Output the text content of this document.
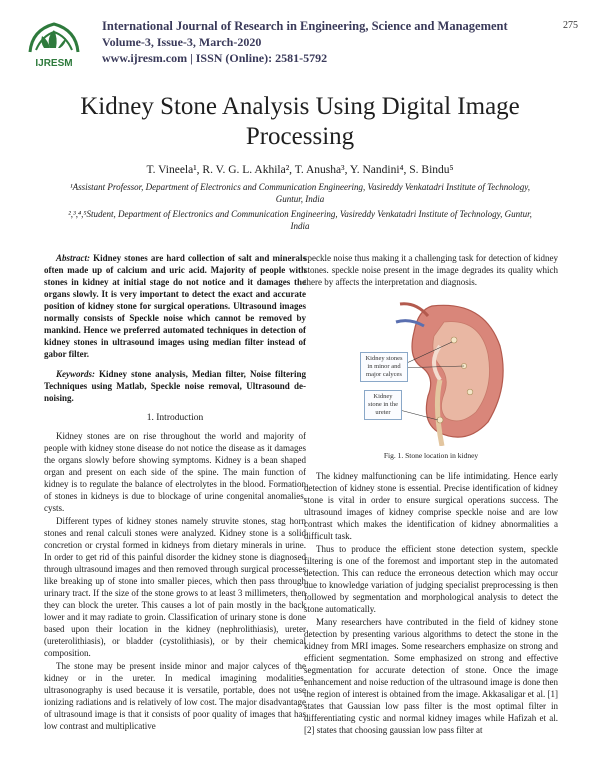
IJRESM
International Journal of Research in Engineering, Science and Management
Volume-3, Issue-3, March-2020
www.ijresm.com | ISSN (Online): 2581-5792
275
Kidney Stone Analysis Using Digital Image Processing
T. Vineela¹, R. V. G. L. Akhila², T. Anusha³, Y. Nandini⁴, S. Bindu⁵
¹Assistant Professor, Department of Electronics and Communication Engineering, Vasireddy Venkatadri Institute of Technology, Guntur, India
²,³,⁴,⁵Student, Department of Electronics and Communication Engineering, Vasireddy Venkatadri Institute of Technology, Guntur, India

Abstract: Kidney stones are hard collection of salt and minerals often made up of calcium and uric acid. Majority of people with stones in kidney at initial stage do not notice and it damages the organs slowly. It is very important to detect the exact and accurate position of kidney stone for surgical operations. Ultrasound images normally consists of Speckle noise which cannot be removed by mankind. Hence we preferred automated techniques in detection of kidney stones in ultrasound images using median filter instead of gabor filter.

Keywords: Kidney stone analysis, Median filter, Noise filtering Techniques using Matlab, Speckle noise removal, Ultrasound de-noising.

1. Introduction

Kidney stones are on rise throughout the world and majority of people with kidney stone disease do not notice the disease as it damages the organs slowly before showing symptoms. Kidney is a bean shaped organ and present on each side of the spine. The main function of kidney is to regulate the balance of electrolytes in the blood. Formation of stones in kidneys is due to blockage of urine congenital anomalies, cysts.

Different types of kidney stones namely struvite stones, stag horn stones and renal calculi stones were analyzed. Kidney stone is a solid concretion or crystal formed in kidneys from dietary minerals in urine. In order to get rid of this painful disorder the kidney stone is diagnosed through ultrasound images and then removed through surgical processes like breaking up of stone into smaller pieces, which then pass through urinary tract. If the size of the stone grows to at least 3 millimeters, then they can block the ureter. This causes a lot of pain mostly in the back lower and it may radiate to groin. Classification of urinary stone is done based upon their location in the kidney (nephrolithiasis), ureter (ureterolithiasis), or bladder (cystolithiasis), or by their chemical composition.

The stone may be present inside minor and major calyces of the kidney or in the ureter. In medical imagining modalities, ultrasonography is used because it is versatile, portable, does not use ionizing radiations and is relatively of low cost. The major disadvantage of ultrasound image is that it consists of poor quality of images that has low contrast and multiplicative

speckle noise thus making it a challenging task for detection of kidney stones. speckle noise present in the image degrades its quality which there by affects the interpretation and diagnosis.

Kidney stones in minor and major calyces
Kidney stone in the ureter
Fig. 1. Stone location in kidney

The kidney malfunctioning can be life intimidating. Hence early detection of kidney stone is essential. Precise identification of kidney stone is vital in order to ensure surgical operations success. The ultrasound images of kidney comprise speckle noise and are low contrast which makes the identification of kidney abnormalities a difficult task.

Thus to produce the efficient stone detection system, speckle filtering is one of the foremost and important step in the automated detection. This can reduce the erroneous detection which may occur due to knowledge variation of judging specialist preprocessing is then followed by segmentation and morphological analysis to detect the stone automatically.

Many researchers have contributed in the field of kidney stone detection by presenting various algorithms to detect the stone in the kidney from MRI images. Some researchers emphasize on strong and efficient segmentation. Some emphasized on strong and effective segmentation for accurate detection of stone. Once the image enhancement and noise reduction of the ultrasound image is done then the region of interest is obtained from the image. Akkasaligar et al. [1] states that Gaussian low pass filter is the most optimal filter in differentiating cystic and normal kidney images while Hafizah et al. [2] states that choosing gaussian low pass filter at
